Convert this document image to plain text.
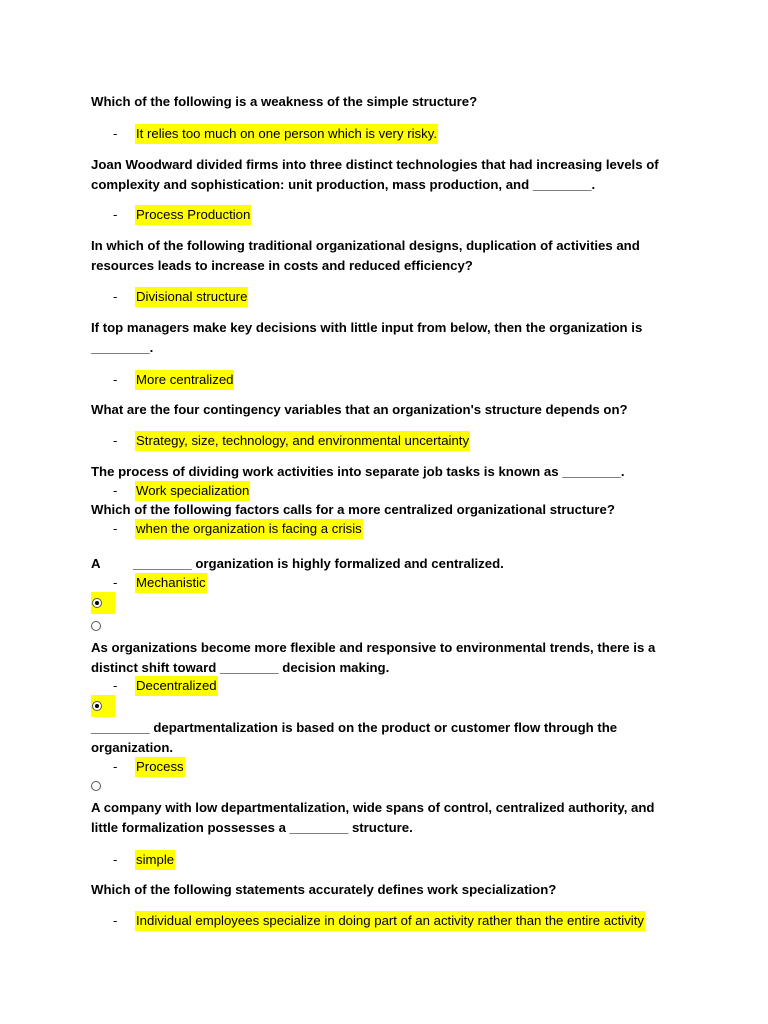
Which of the following is a weakness of the simple structure?

-	It relies too much on one person which is very risky.

Joan Woodward divided firms into three distinct technologies that had increasing levels of complexity and sophistication: unit production, mass production, and ________.

-	Process Production

In which of the following traditional organizational designs, duplication of activities and resources leads to increase in costs and reduced efficiency?

-	Divisional structure

If top managers make key decisions with little input from below, then the organization is ________.

-	More centralized

What are the four contingency variables that an organization's structure depends on?

-	Strategy, size, technology, and environmental uncertainty

The process of dividing work activities into separate job tasks is known as ________.

-	Work specialization

Which of the following factors calls for a more centralized organizational structure?

-	when the organization is facing a crisis
A	________ organization is highly formalized and centralized.
-	Mechanistic

As organizations become more flexible and responsive to environmental trends, there is a distinct shift toward ________ decision making.

-	Decentralized

________ departmentalization is based on the product or customer flow through the organization.

-	Process

A company with low departmentalization, wide spans of control, centralized authority, and little formalization possesses a ________ structure.

-	simple

Which of the following statements accurately defines work specialization?

-	Individual employees specialize in doing part of an activity rather than the entire activity
